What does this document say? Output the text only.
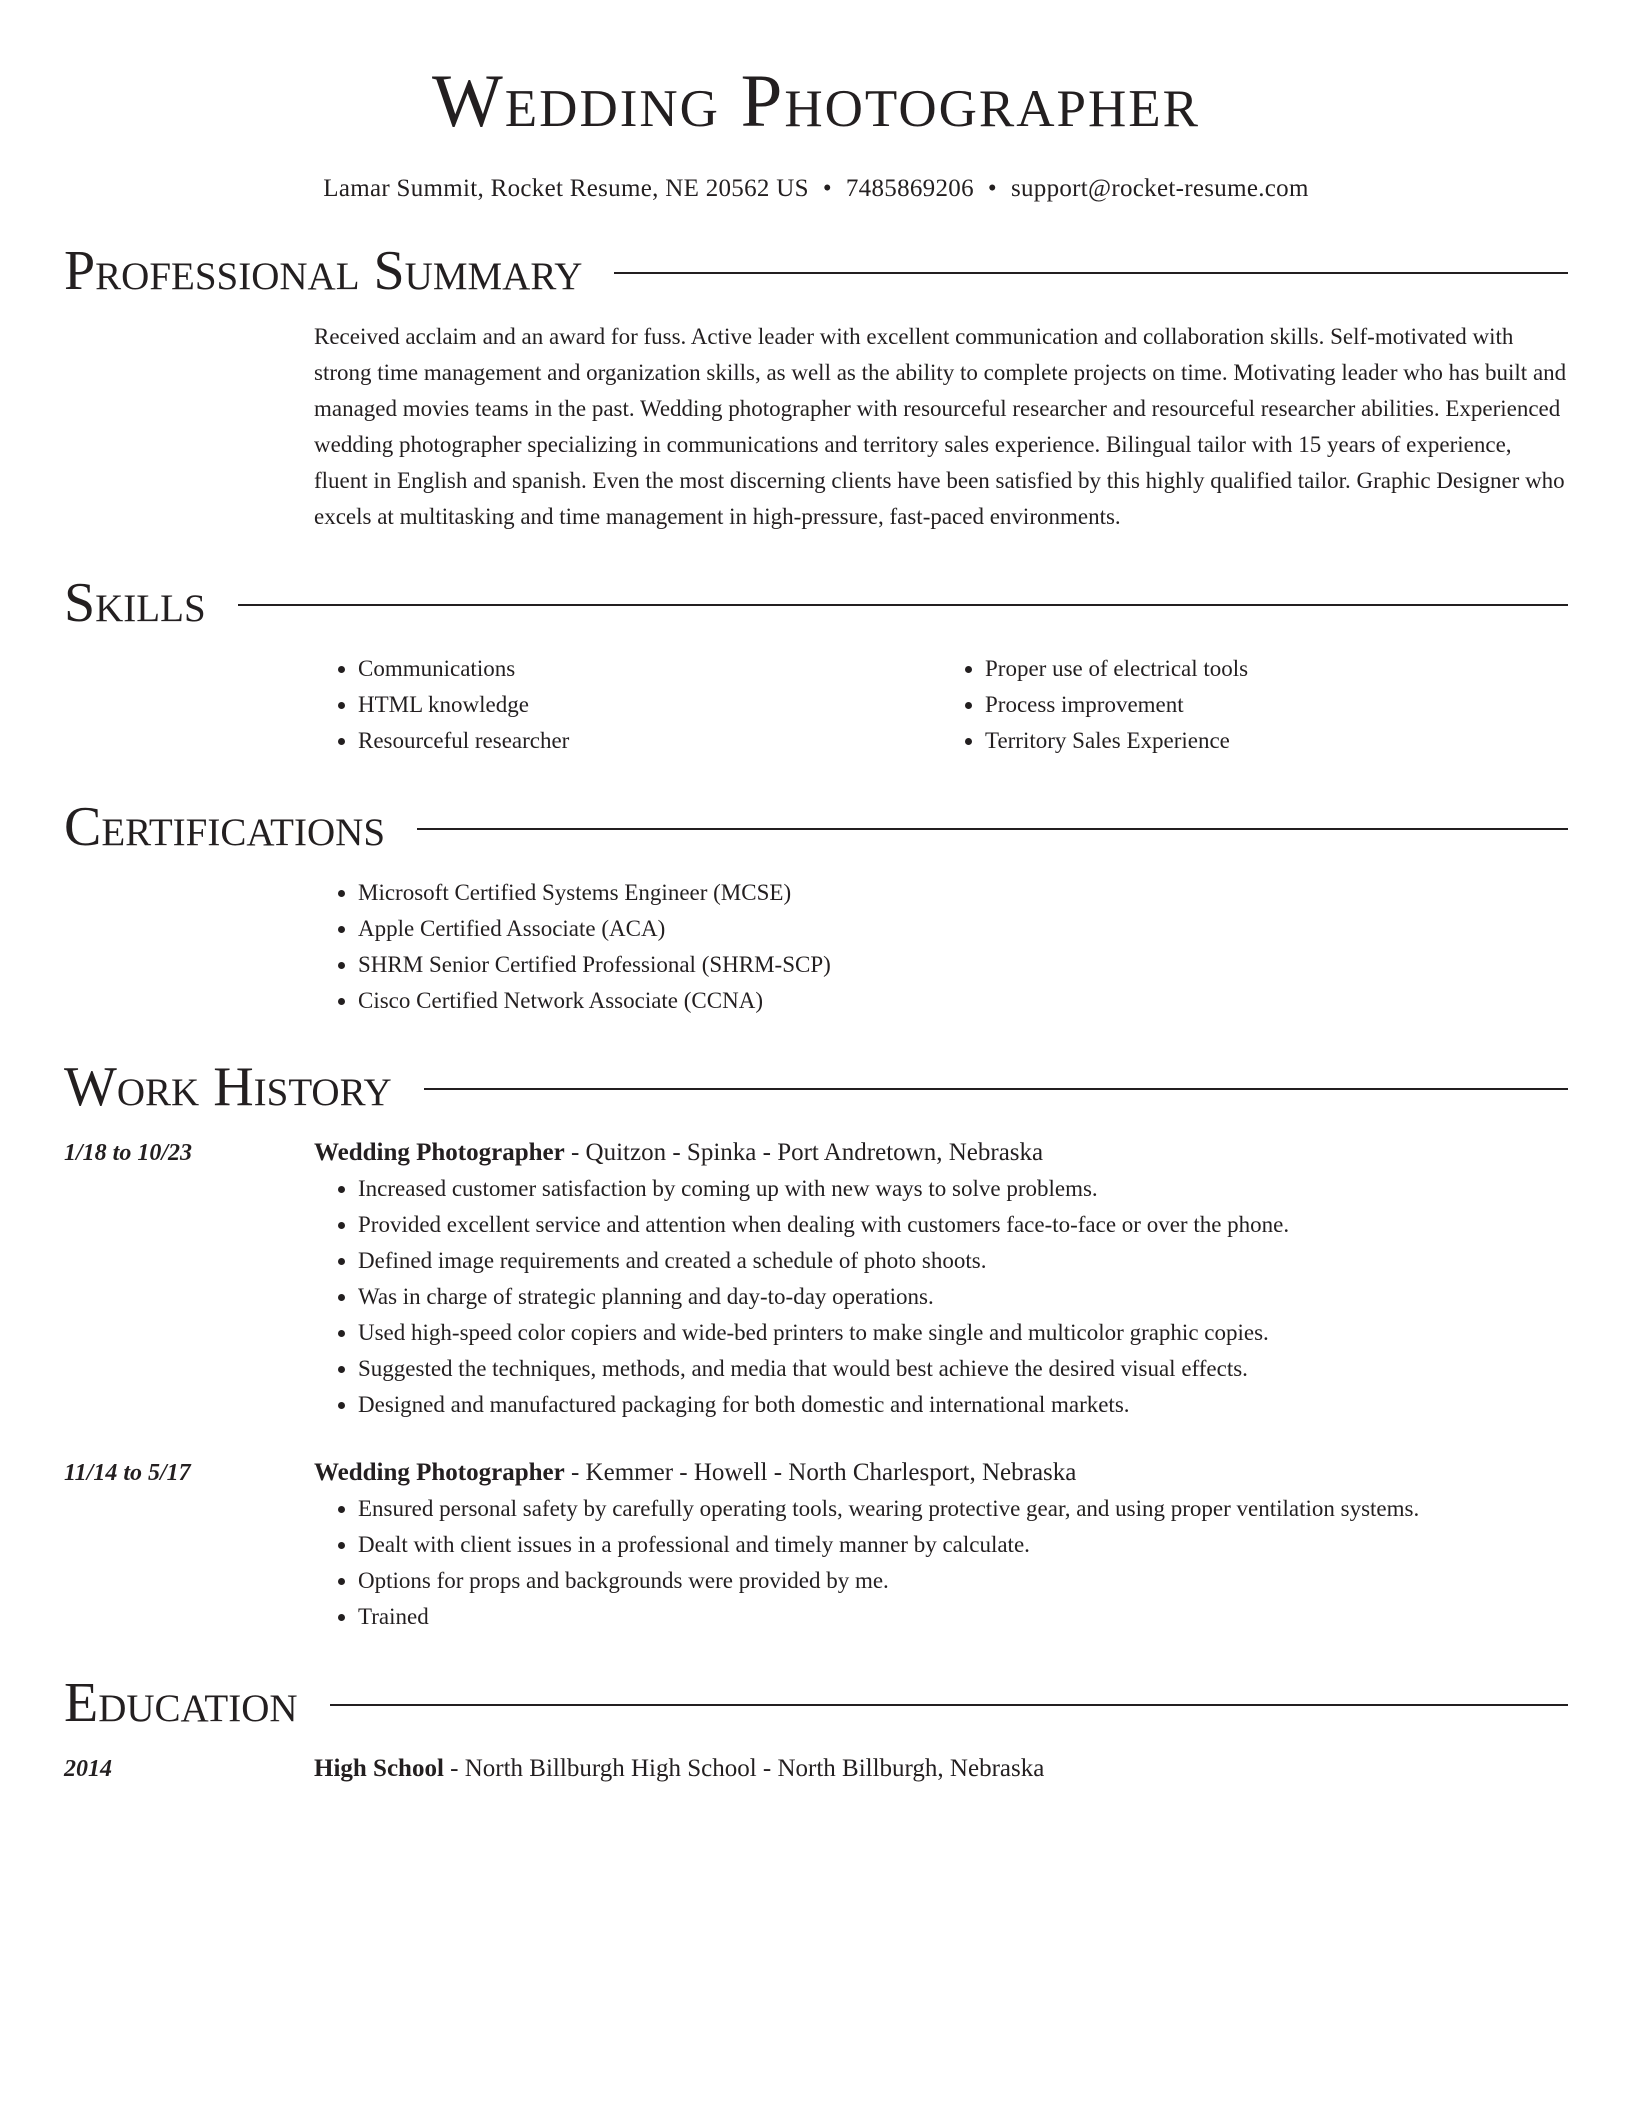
Wedding Photographer
Lamar Summit, Rocket Resume, NE 20562 US • 7485869206 • support@rocket-resume.com
Professional Summary
Received acclaim and an award for fuss. Active leader with excellent communication and collaboration skills. Self-motivated with strong time management and organization skills, as well as the ability to complete projects on time. Motivating leader who has built and managed movies teams in the past. Wedding photographer with resourceful researcher and resourceful researcher abilities. Experienced wedding photographer specializing in communications and territory sales experience. Bilingual tailor with 15 years of experience, fluent in English and spanish. Even the most discerning clients have been satisfied by this highly qualified tailor. Graphic Designer who excels at multitasking and time management in high-pressure, fast-paced environments.
Skills
• Communications
• HTML knowledge
• Resourceful researcher
• Proper use of electrical tools
• Process improvement
• Territory Sales Experience
Certifications
• Microsoft Certified Systems Engineer (MCSE)
• Apple Certified Associate (ACA)
• SHRM Senior Certified Professional (SHRM-SCP)
• Cisco Certified Network Associate (CCNA)
Work History
1/18 to 10/23	Wedding Photographer - Quitzon - Spinka - Port Andretown, Nebraska
• Increased customer satisfaction by coming up with new ways to solve problems.
• Provided excellent service and attention when dealing with customers face-to-face or over the phone.
• Defined image requirements and created a schedule of photo shoots.
• Was in charge of strategic planning and day-to-day operations.
• Used high-speed color copiers and wide-bed printers to make single and multicolor graphic copies.
• Suggested the techniques, methods, and media that would best achieve the desired visual effects.
• Designed and manufactured packaging for both domestic and international markets.
11/14 to 5/17	Wedding Photographer - Kemmer - Howell - North Charlesport, Nebraska
• Ensured personal safety by carefully operating tools, wearing protective gear, and using proper ventilation systems.
• Dealt with client issues in a professional and timely manner by calculate.
• Options for props and backgrounds were provided by me.
• Trained
Education
2014	High School - North Billburgh High School - North Billburgh, Nebraska
